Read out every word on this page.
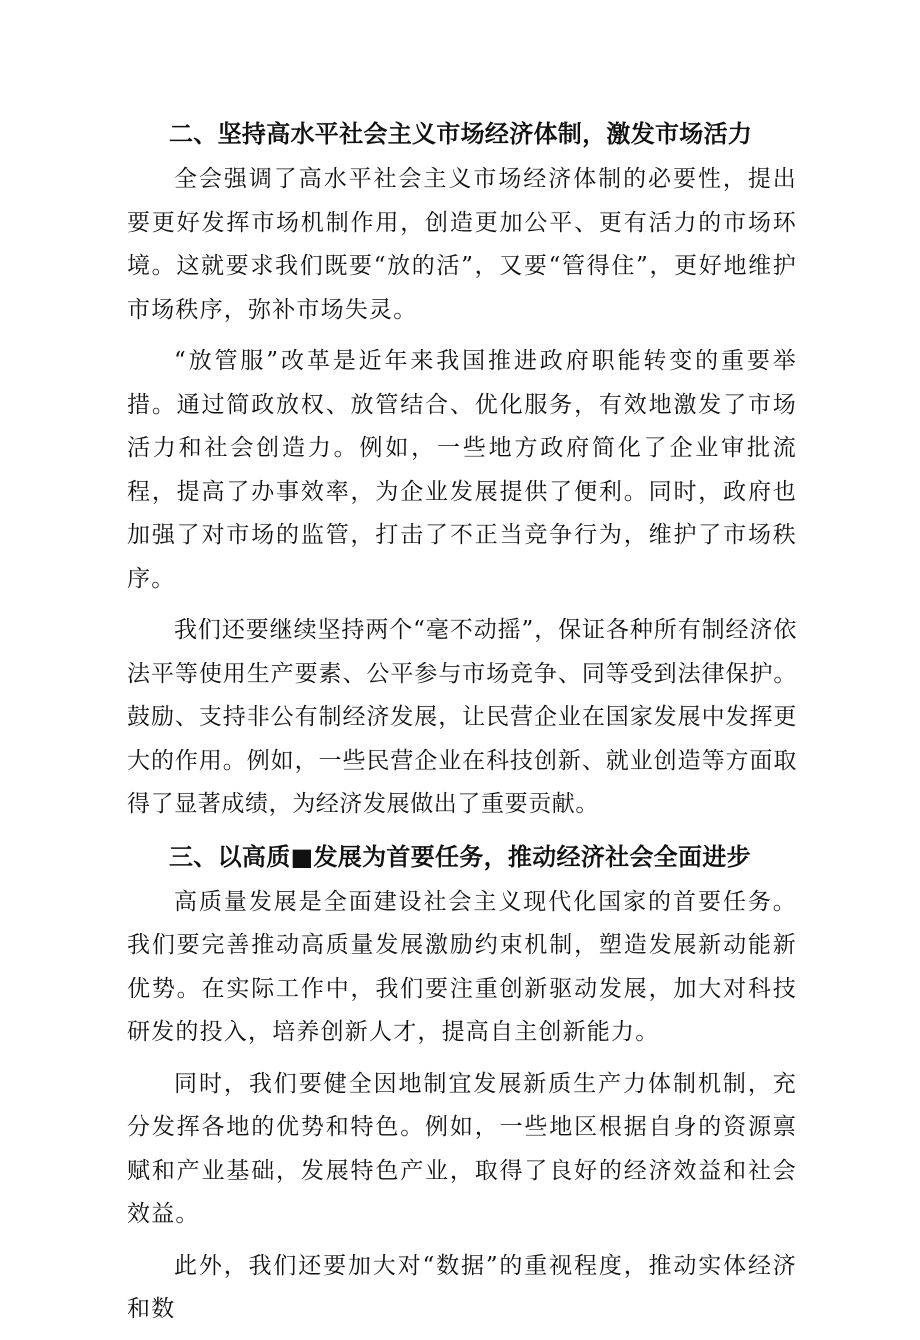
二、坚持高水平社会主义市场经济体制，激发市场活力

全会强调了高水平社会主义市场经济体制的必要性，提出要更好发挥市场机制作用，创造更加公平、更有活力的市场环境。这就要求我们既要“放的活”，又要“管得住”，更好地维护市场秩序，弥补市场失灵。

“放管服”改革是近年来我国推进政府职能转变的重要举措。通过简政放权、放管结合、优化服务，有效地激发了市场活力和社会创造力。例如，一些地方政府简化了企业审批流程，提高了办事效率，为企业发展提供了便利。同时，政府也加强了对市场的监管，打击了不正当竞争行为，维护了市场秩序。

我们还要继续坚持两个“毫不动摇”，保证各种所有制经济依法平等使用生产要素、公平参与市场竞争、同等受到法律保护。鼓励、支持非公有制经济发展，让民营企业在国家发展中发挥更大的作用。例如，一些民营企业在科技创新、就业创造等方面取得了显著成绩，为经济发展做出了重要贡献。

三、以高质■发展为首要任务，推动经济社会全面进步

高质量发展是全面建设社会主义现代化国家的首要任务。我们要完善推动高质量发展激励约束机制，塑造发展新动能新优势。在实际工作中，我们要注重创新驱动发展，加大对科技研发的投入，培养创新人才，提高自主创新能力。

同时，我们要健全因地制宜发展新质生产力体制机制，充分发挥各地的优势和特色。例如，一些地区根据自身的资源禀赋和产业基础，发展特色产业，取得了良好的经济效益和社会效益。

此外，我们还要加大对“数据”的重视程度，推动实体经济和数
